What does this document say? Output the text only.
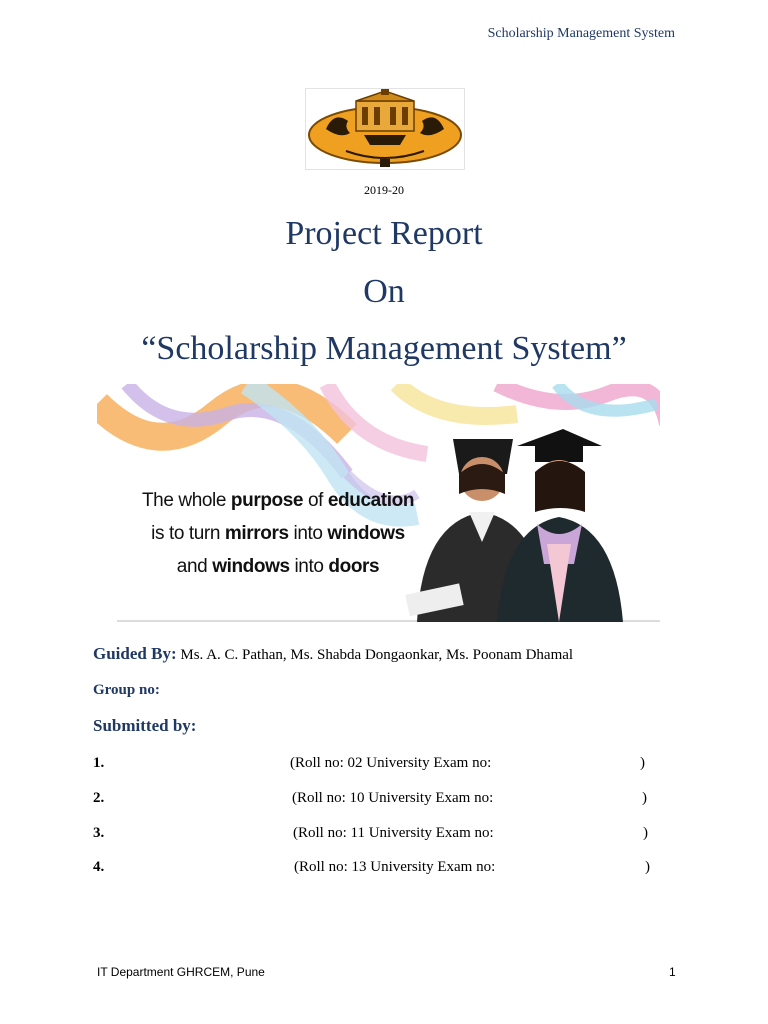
Scholarship Management System
2019-20
Project Report
On
“Scholarship Management System”
The whole purpose of education
is to turn mirrors into windows
and windows into doors
Guided By: Ms. A. C. Pathan, Ms. Shabda Dongaonkar, Ms. Poonam Dhamal
Group no:
Submitted by:
1.	(Roll no: 02 University Exam no:	)
2.	(Roll no: 10 University Exam no:	)
3.	(Roll no: 11 University Exam no:	)
4.	(Roll no: 13 University Exam no:	)
IT Department GHRCEM, Pune	1
